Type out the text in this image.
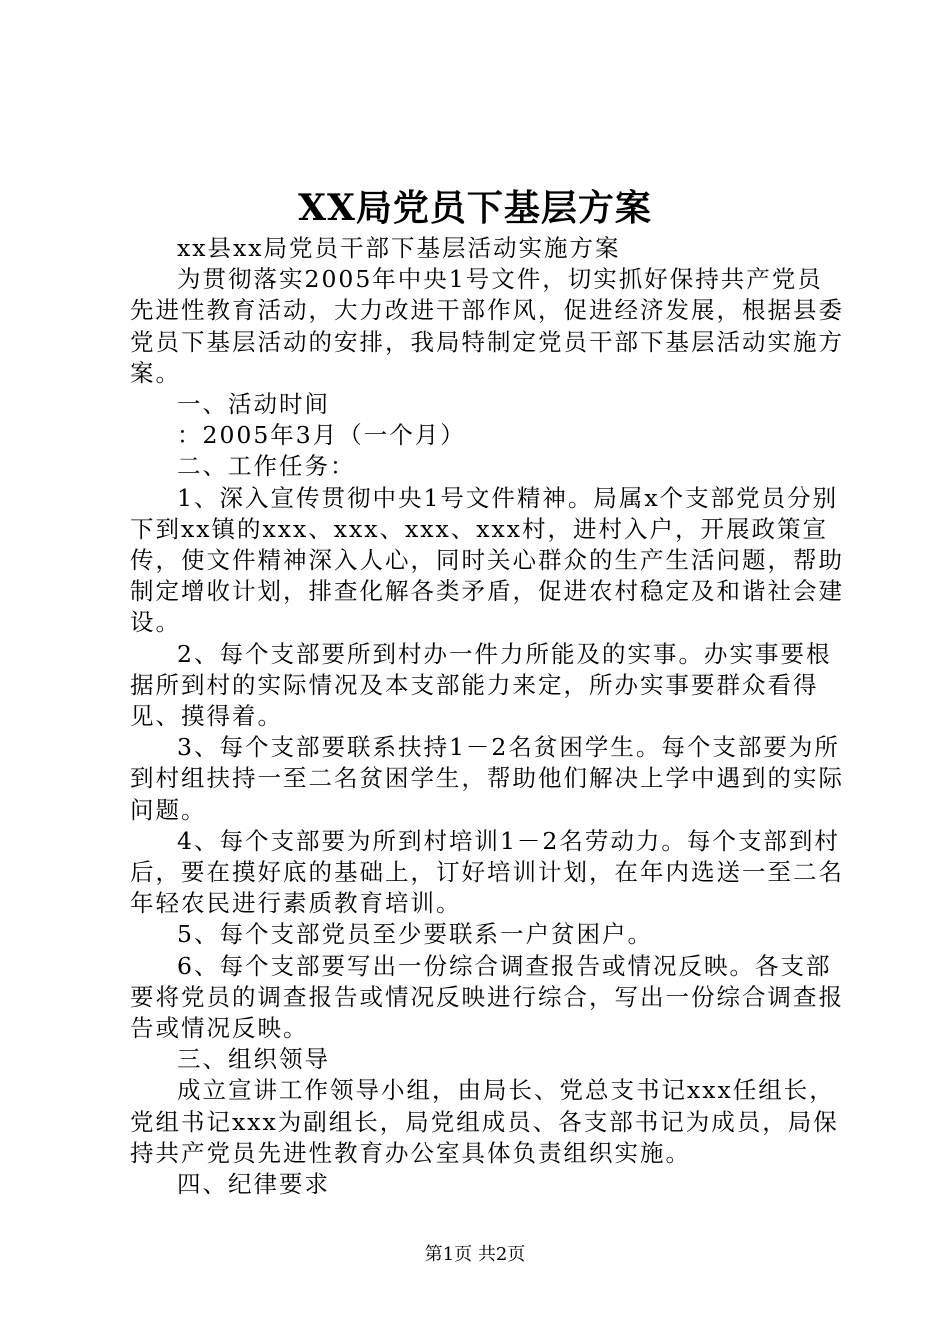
XX局党员下基层方案

xx县xx局党员干部下基层活动实施方案

为贯彻落实2005年中央1号文件，切实抓好保持共产党员先进性教育活动，大力改进干部作风，促进经济发展，根据县委党员下基层活动的安排，我局特制定党员干部下基层活动实施方案。

一、活动时间

：2005年3月（一个月）

二、工作任务：

1、深入宣传贯彻中央1号文件精神。局属x个支部党员分别下到xx镇的xxx、xxx、xxx、xxx村，进村入户，开展政策宣传，使文件精神深入人心，同时关心群众的生产生活问题，帮助制定增收计划，排查化解各类矛盾，促进农村稳定及和谐社会建设。

2、每个支部要所到村办一件力所能及的实事。办实事要根据所到村的实际情况及本支部能力来定，所办实事要群众看得见、摸得着。

3、每个支部要联系扶持1－2名贫困学生。每个支部要为所到村组扶持一至二名贫困学生，帮助他们解决上学中遇到的实际问题。

4、每个支部要为所到村培训1－2名劳动力。每个支部到村后，要在摸好底的基础上，订好培训计划，在年内选送一至二名年轻农民进行素质教育培训。

5、每个支部党员至少要联系一户贫困户。

6、每个支部要写出一份综合调查报告或情况反映。各支部要将党员的调查报告或情况反映进行综合，写出一份综合调查报告或情况反映。

三、组织领导

成立宣讲工作领导小组，由局长、党总支书记xxx任组长，党组书记xxx为副组长，局党组成员、各支部书记为成员，局保持共产党员先进性教育办公室具体负责组织实施。

四、纪律要求

第1页 共2页
